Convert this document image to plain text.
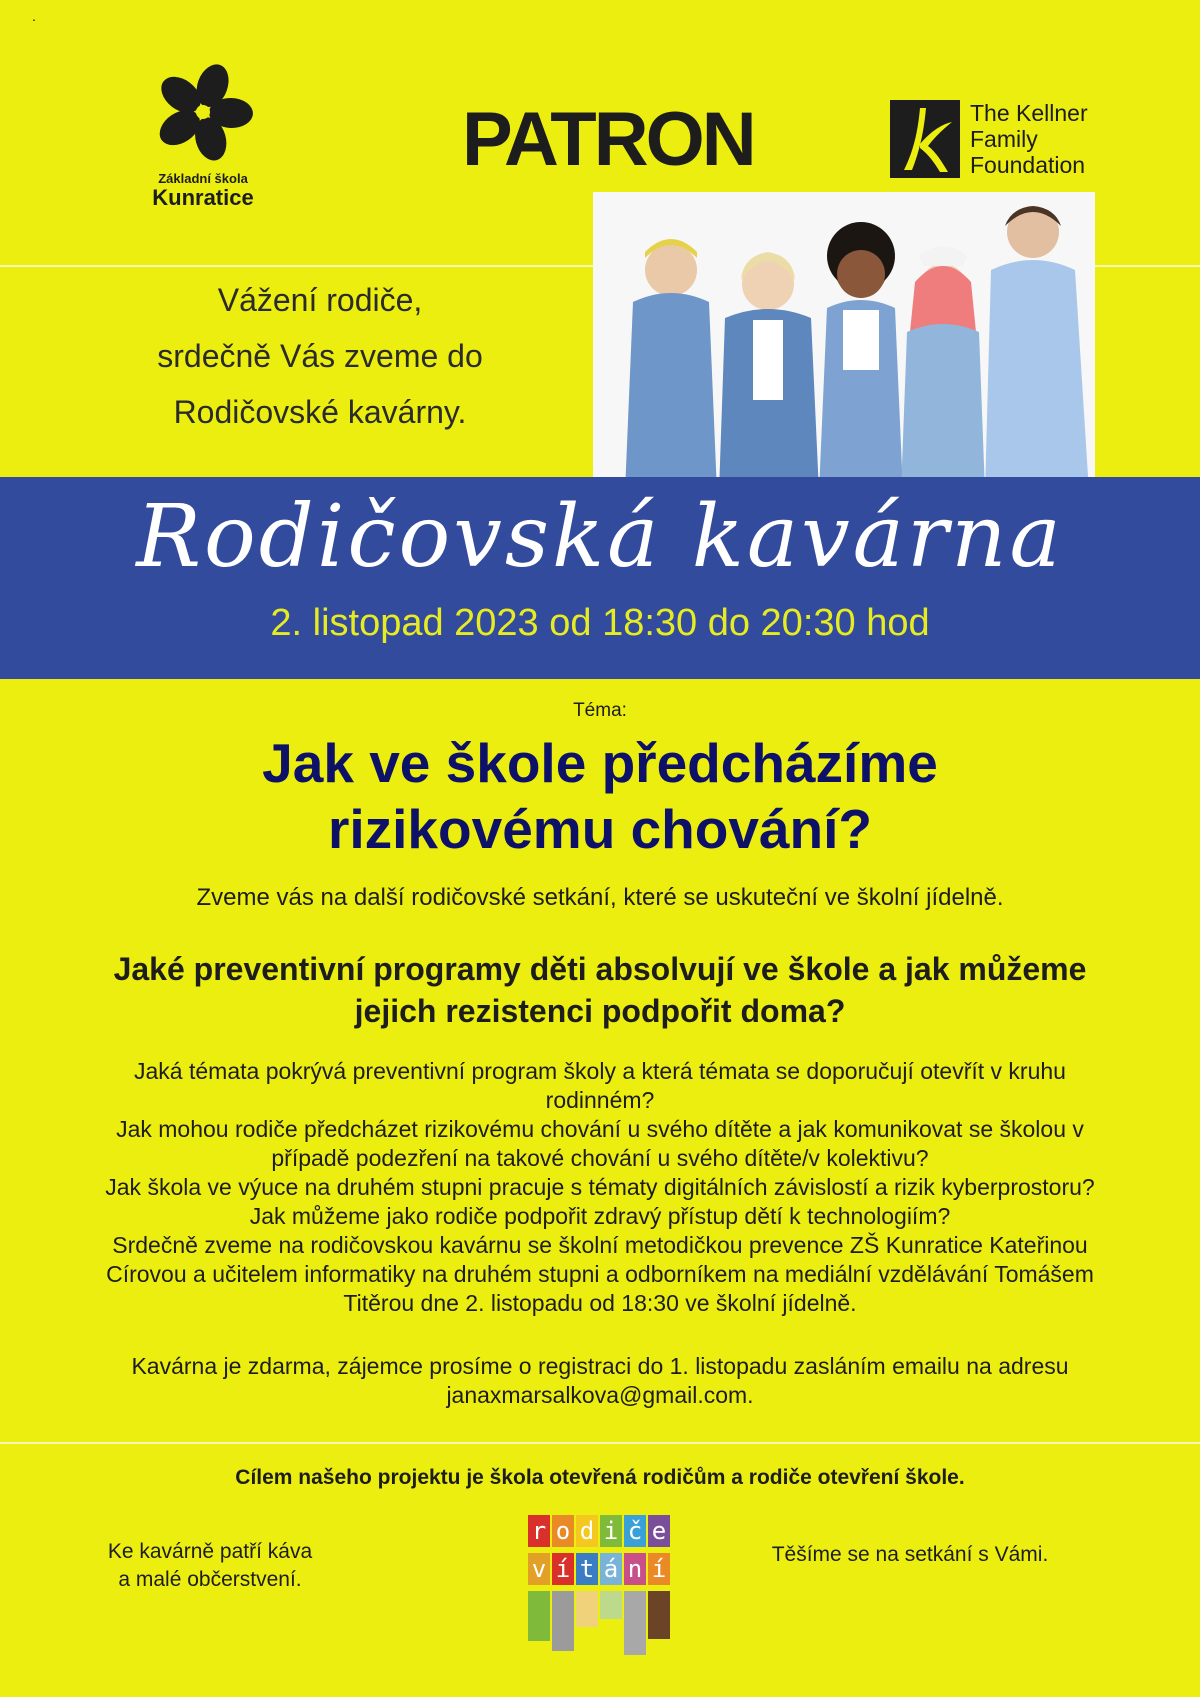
.
Základní škola
Kunratice
PATRON	The Kellner
Family
Foundation
Vážení rodiče,
srdečně Vás zveme do
Rodičovské kavárny.
Rodičovská kavárna
2. listopad 2023 od 18:30 do 20:30 hod
Téma:
Jak ve škole předcházíme
rizikovému chování?
Zveme vás na další rodičovské setkání, které se uskuteční ve školní jídelně.
Jaké preventivní programy děti absolvují ve škole a jak můžeme
jejich rezistenci podpořit doma?
Jaká témata pokrývá preventivní program školy a která témata se doporučují otevřít v kruhu
rodinném?
Jak mohou rodiče předcházet rizikovému chování u svého dítěte a jak komunikovat se školou v
případě podezření na takové chování u svého dítěte/v kolektivu?
Jak škola ve výuce na druhém stupni pracuje s tématy digitálních závislostí a rizik kyberprostoru?
Jak můžeme jako rodiče podpořit zdravý přístup dětí k technologiím?
Srdečně zveme na rodičovskou kavárnu se školní metodičkou prevence ZŠ Kunratice Kateřinou
Círovou a učitelem informatiky na druhém stupni a odborníkem na mediální vzdělávání Tomášem
Titěrou dne 2. listopadu od 18:30 ve školní jídelně.
Kavárna je zdarma, zájemce prosíme o registraci do 1. listopadu zasláním emailu na adresu
janaxmarsalkova@gmail.com.
Cílem našeho projektu je škola otevřená rodičům a rodiče otevření škole.
Ke kavárně patří káva
a malé občerstvení.
Těšíme se na setkání s Vámi.
r o d i č e
v í t á n í
